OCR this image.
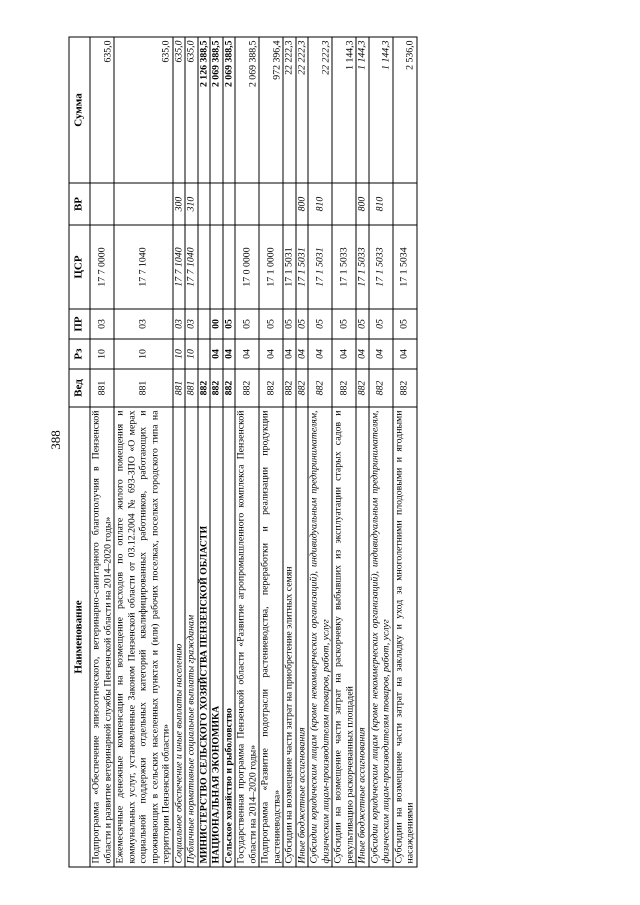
388
Наименование	Вед	Рз	ПР	ЦСР	ВР	Сумма
Подпрограмма «Обеспечение эпизоотического, ветеринарно-санитарного благополучия в Пензенской области и развитие ветеринарной службы Пензенской области на 2014–2020 годы»	881	10	03	17 7 0000		635,0
Ежемесячные денежные компенсации на возмещение расходов по оплате жилого помещения и коммунальных услуг, установленные Законом Пензенской области от 03.12.2004 № 693-ЗПО «О мерах социальной поддержки отдельных категорий квалифицированных работников, работающих и проживающих в сельских населенных пунктах и (или) рабочих поселках, поселках городского типа на территории Пензенской области»	881	10	03	17 7 1040		635,0
Социальное обеспечение и иные выплаты населению	881	10	03	17 7 1040	300	635,0
Публичные нормативные социальные выплаты гражданам	881	10	03	17 7 1040	310	635,0
МИНИСТЕРСТВО СЕЛЬСКОГО ХОЗЯЙСТВА ПЕНЗЕНСКОЙ ОБЛАСТИ	882					2 126 388,5
НАЦИОНАЛЬНАЯ ЭКОНОМИКА	882	04	00			2 069 388,5
Сельское хозяйство и рыболовство	882	04	05			2 069 388,5
Государственная программа Пензенской области «Развитие агропромышленного комплекса Пензенской области на 2014–2020 годы»	882	04	05	17 0 0000		2 069 388,5
Подпрограмма «Развитие подотрасли растениеводства, переработки и реализации продукции растениеводства»	882	04	05	17 1 0000		972 396,4
Субсидии на возмещение части затрат на приобретение элитных семян	882	04	05	17 1 5031		22 222,3
Иные бюджетные ассигнования	882	04	05	17 1 5031	800	22 222,3
Субсидии юридическим лицам (кроме некоммерческих организаций), индивидуальным предпринимателям, физическим лицам-производителям товаров, работ, услуг	882	04	05	17 1 5031	810	22 222,3
Субсидии на возмещение части затрат на раскорчевку выбывших из эксплуатации старых садов и рекультивацию раскорчеванных площадей	882	04	05	17 1 5033		1 144,3
Иные бюджетные ассигнования	882	04	05	17 1 5033	800	1 144,3
Субсидии юридическим лицам (кроме некоммерческих организаций), индивидуальным предпринимателям, физическим лицам-производителям товаров, работ, услуг	882	04	05	17 1 5033	810	1 144,3
Субсидии на возмещение части затрат на закладку и уход за многолетними плодовыми и ягодными насаждениями	882	04	05	17 1 5034		2 536,0
